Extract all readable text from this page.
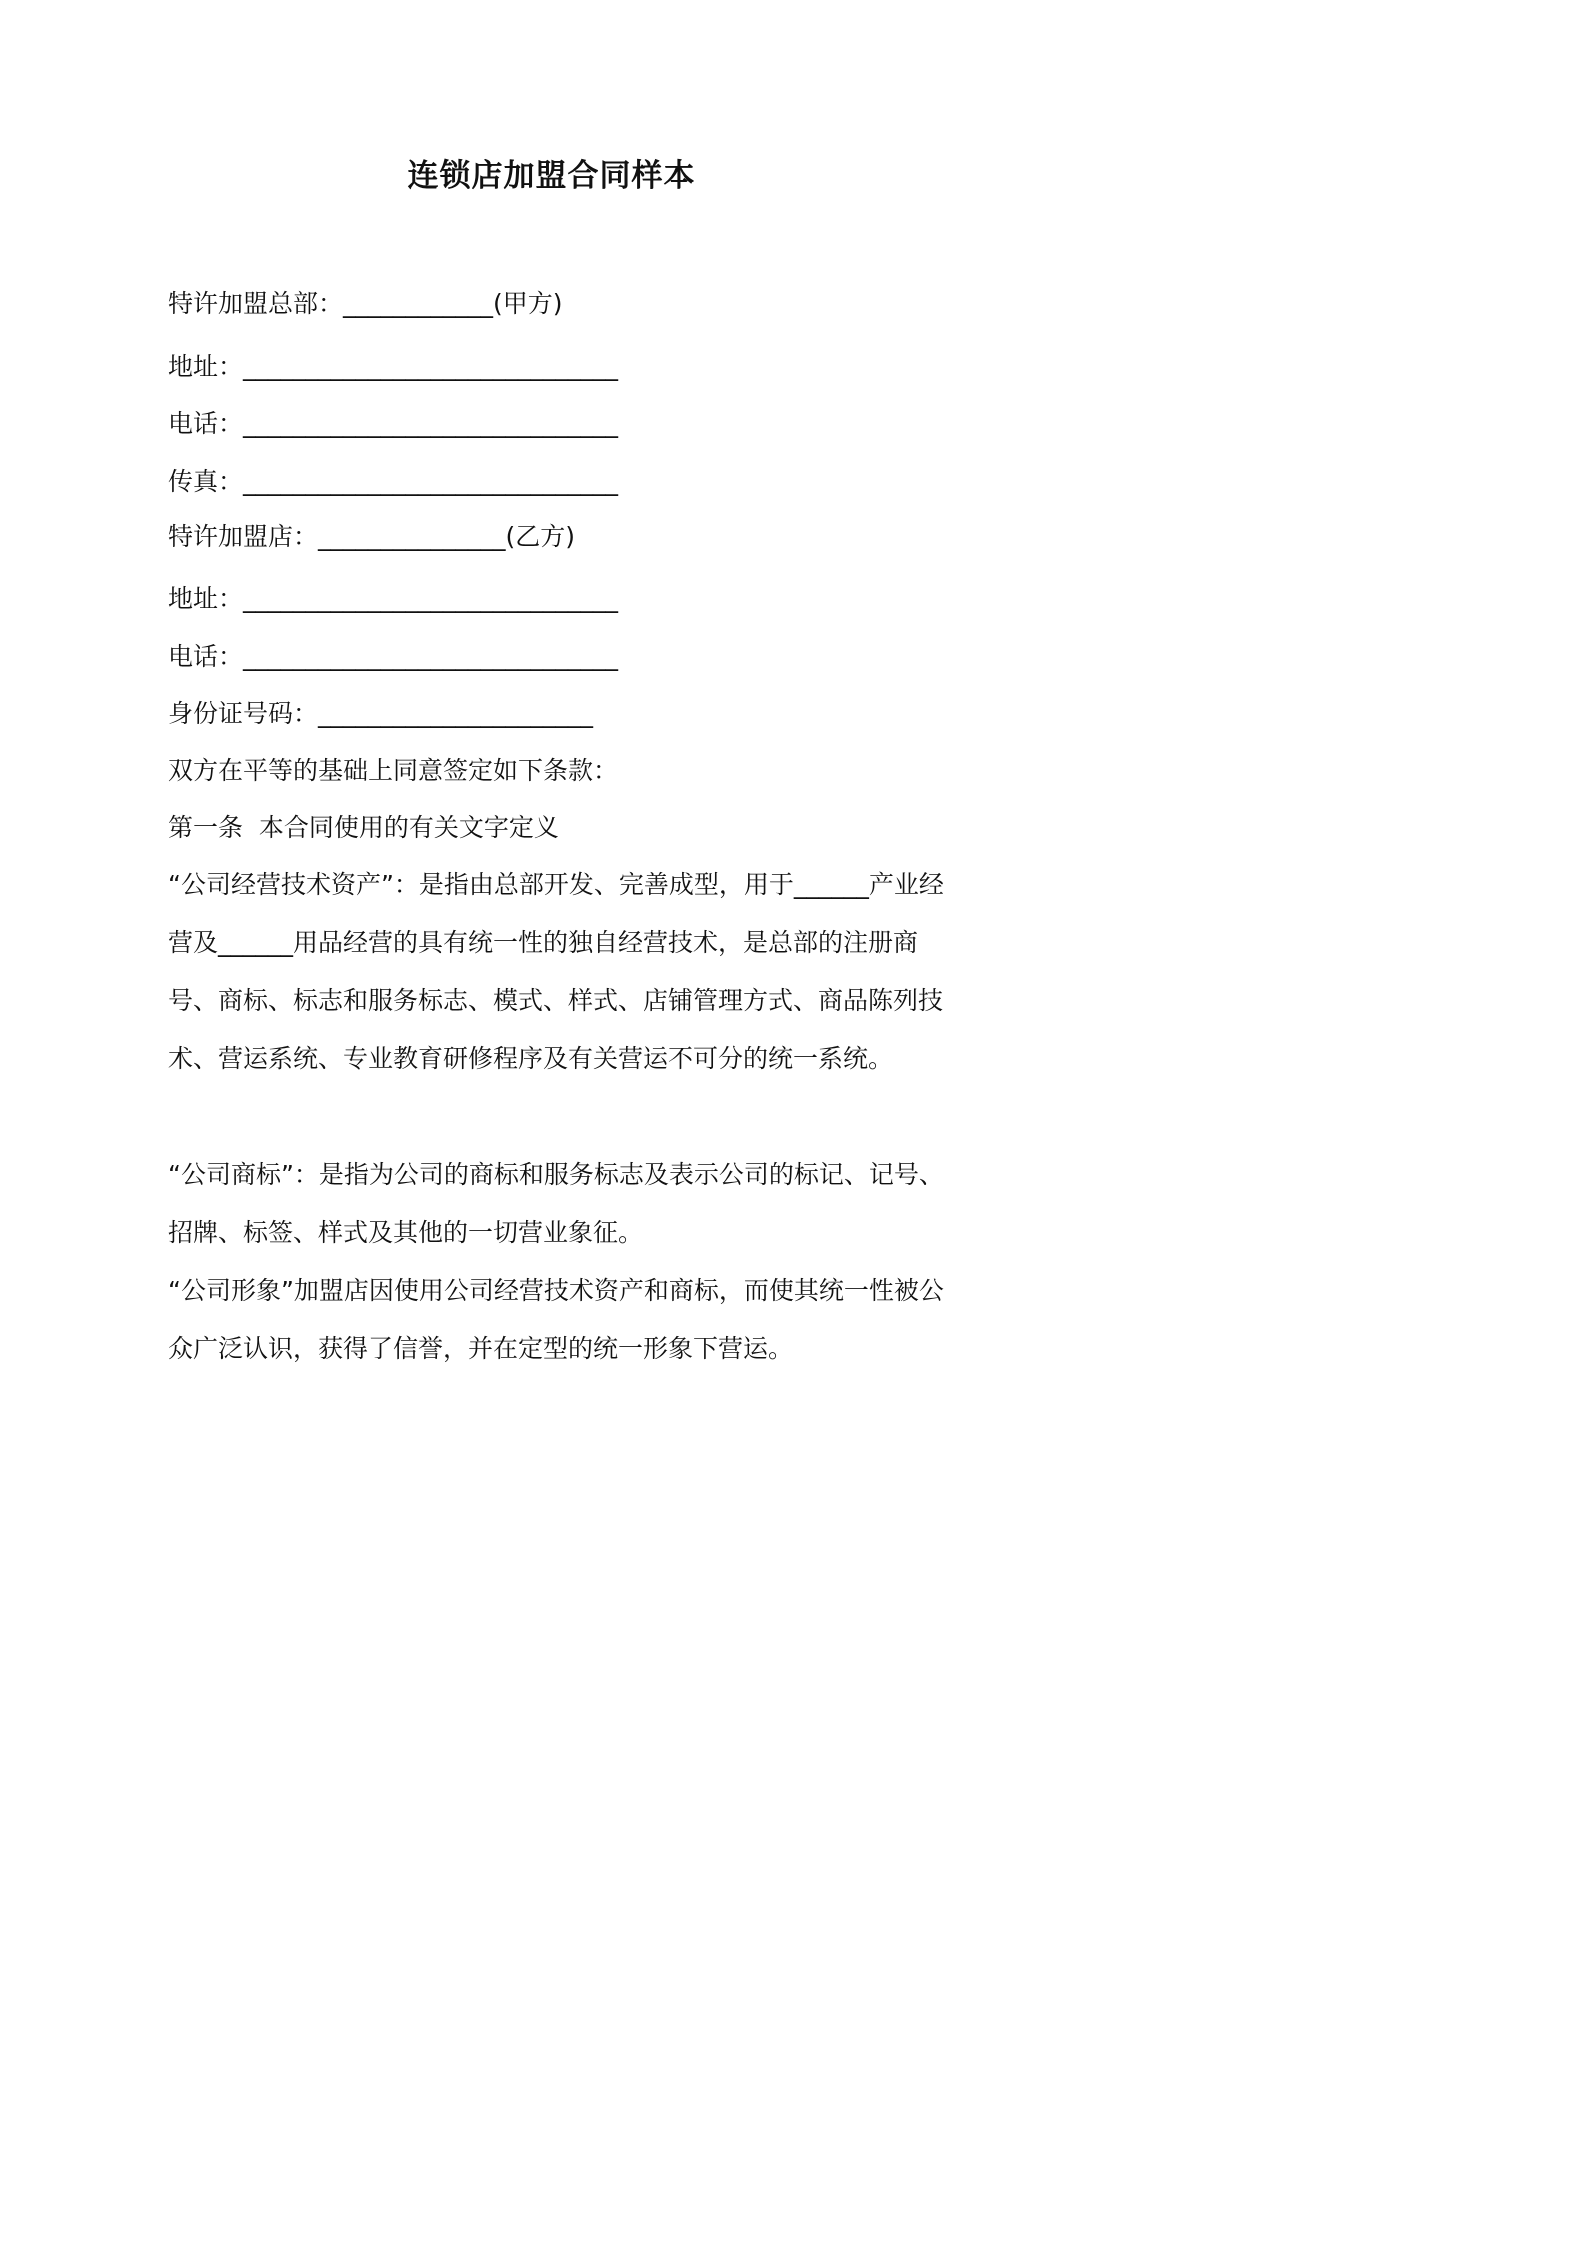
连锁店加盟合同样本

特许加盟总部：____________(甲方)

地址：______________________________

电话：______________________________

传真：______________________________

特许加盟店：_______________(乙方)

地址：______________________________

电话：______________________________

身份证号码：______________________

双方在平等的基础上同意签定如下条款：

第一条  本合同使用的有关文字定义

“公司经营技术资产”：是指由总部开发、完善成型，用于______产业经营及______用品经营的具有统一性的独自经营技术，是总部的注册商号、商标、标志和服务标志、模式、样式、店铺管理方式、商品陈列技术、营运系统、专业教育研修程序及有关营运不可分的统一系统。

“公司商标”：是指为公司的商标和服务标志及表示公司的标记、记号、招牌、标签、样式及其他的一切营业象征。

“公司形象”加盟店因使用公司经营技术资产和商标，而使其统一性被公众广泛认识，获得了信誉，并在定型的统一形象下营运。
